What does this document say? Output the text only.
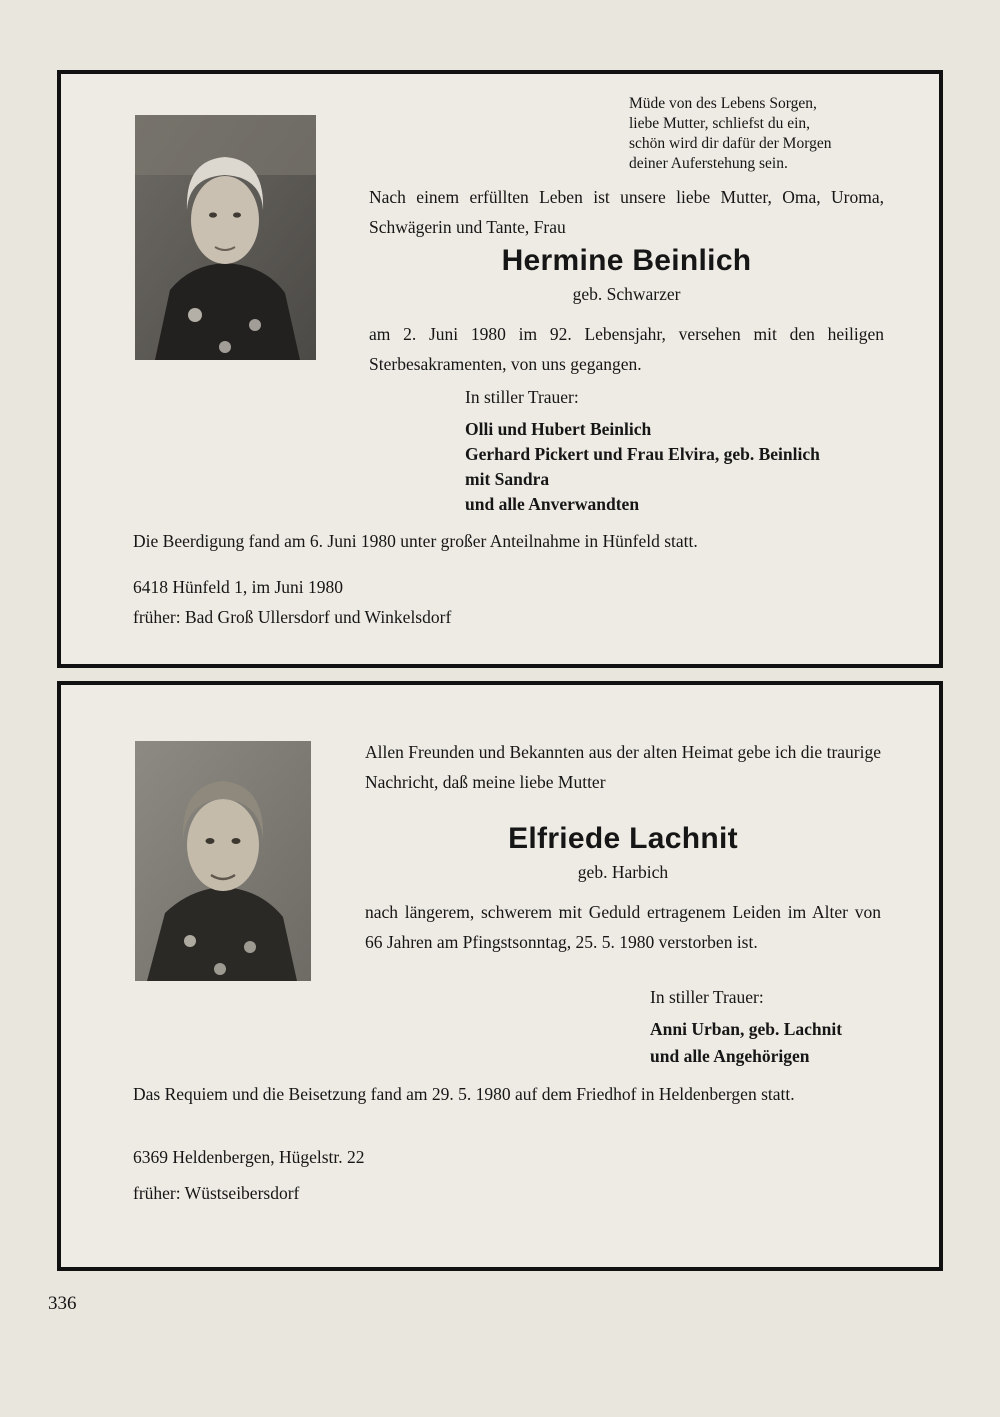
Müde von des Lebens Sorgen,
liebe Mutter, schliefst du ein,
schön wird dir dafür der Morgen
deiner Auferstehung sein.
Nach einem erfüllten Leben ist unsere liebe Mutter, Oma, Uroma, Schwägerin und Tante, Frau
Hermine Beinlich
geb. Schwarzer
am 2. Juni 1980 im 92. Lebensjahr, versehen mit den heiligen Sterbesakramenten, von uns gegangen.
In stiller Trauer:
Olli und Hubert Beinlich
Gerhard Pickert und Frau Elvira, geb. Beinlich
mit Sandra
und alle Anverwandten
Die Beerdigung fand am 6. Juni 1980 unter großer Anteilnahme in Hünfeld statt.
6418 Hünfeld 1, im Juni 1980
früher: Bad Groß Ullersdorf und Winkelsdorf
Allen Freunden und Bekannten aus der alten Heimat gebe ich die traurige Nachricht, daß meine liebe Mutter
Elfriede Lachnit
geb. Harbich
nach längerem, schwerem mit Geduld ertragenem Leiden im Alter von 66 Jahren am Pfingstsonntag, 25. 5. 1980 verstorben ist.
In stiller Trauer:
Anni Urban, geb. Lachnit
und alle Angehörigen
Das Requiem und die Beisetzung fand am 29. 5. 1980 auf dem Friedhof in Heldenbergen statt.
6369 Heldenbergen, Hügelstr. 22
früher: Wüstseibersdorf
336
